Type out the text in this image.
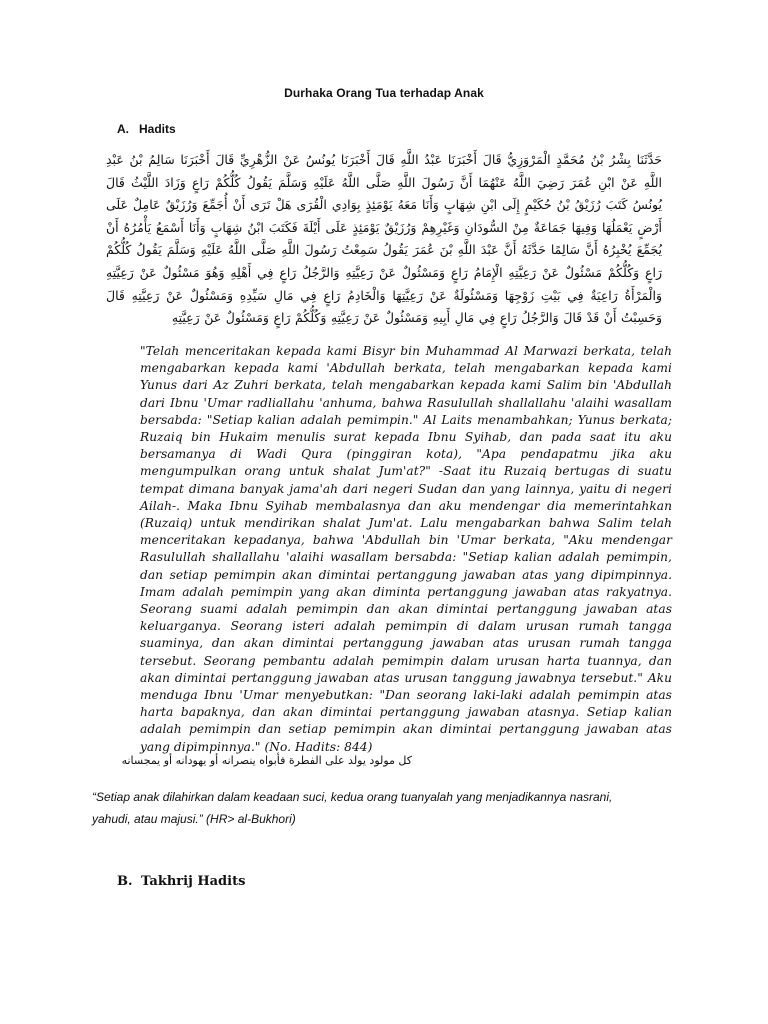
Durhaka Orang Tua terhadap Anak
A. Hadits
حَدَّثَنَا بِشْرُ بْنُ مُحَمَّدٍ الْمَرْوَزِيُّ قَالَ أَخْبَرَنَا عَبْدُ اللَّهِ قَالَ أَخْبَرَنَا يُونُسُ عَنْ الزُّهْرِيِّ قَالَ أَخْبَرَنَا سَالِمُ بْنُ عَبْدِ اللَّهِ عَنْ ابْنِ عُمَرَ رَضِيَ اللَّهُ عَنْهُمَا أَنَّ رَسُولَ اللَّهِ صَلَّى اللَّهُ عَلَيْهِ وَسَلَّمَ يَقُولُ كُلُّكُمْ رَاعٍ وَزَادَ اللَّيْثُ قَالَ يُونُسُ كَتَبَ رُزَيْقُ بْنُ حُكَيْمٍ إِلَى ابْنِ شِهَابٍ وَأَنَا مَعَهُ يَوْمَئِذٍ بِوَادِي الْقُرَى هَلْ تَرَى أَنْ أُجَمِّعَ وَرُزَيْقٌ عَامِلٌ عَلَى أَرْضٍ يَعْمَلُهَا وَفِيهَا جَمَاعَةٌ مِنْ السُّودَانِ وَغَيْرِهِمْ وَرُزَيْقٌ يَوْمَئِذٍ عَلَى أَيْلَةَ فَكَتَبَ ابْنُ شِهَابٍ وَأَنَا أَسْمَعُ يَأْمُرُهُ أَنْ يُجَمِّعَ يُخْبِرُهُ أَنَّ سَالِمًا حَدَّثَهُ أَنَّ عَبْدَ اللَّهِ بْنَ عُمَرَ يَقُولُ سَمِعْتُ رَسُولَ اللَّهِ صَلَّى اللَّهُ عَلَيْهِ وَسَلَّمَ يَقُولُ كُلُّكُمْ رَاعٍ وَكُلُّكُمْ مَسْئُولٌ عَنْ رَعِيَّتِهِ الْإِمَامُ رَاعٍ وَمَسْئُولٌ عَنْ رَعِيَّتِهِ وَالرَّجُلُ رَاعٍ فِي أَهْلِهِ وَهُوَ مَسْئُولٌ عَنْ رَعِيَّتِهِ وَالْمَرْأَةُ رَاعِيَةٌ فِي بَيْتِ زَوْجِهَا وَمَسْئُولَةٌ عَنْ رَعِيَّتِهَا وَالْخَادِمُ رَاعٍ فِي مَالِ سَيِّدِهِ وَمَسْئُولٌ عَنْ رَعِيَّتِهِ قَالَ وَحَسِبْتُ أَنْ قَدْ قَالَ وَالرَّجُلُ رَاعٍ فِي مَالِ أَبِيهِ وَمَسْئُولٌ عَنْ رَعِيَّتِهِ وَكُلُّكُمْ رَاعٍ وَمَسْئُولٌ عَنْ رَعِيَّتِهِ
"Telah menceritakan kepada kami Bisyr bin Muhammad Al Marwazi berkata, telah mengabarkan kepada kami 'Abdullah berkata, telah mengabarkan kepada kami Yunus dari Az Zuhri berkata, telah mengabarkan kepada kami Salim bin 'Abdullah dari Ibnu 'Umar radliallahu 'anhuma, bahwa Rasulullah shallallahu 'alaihi wasallam bersabda: "Setiap kalian adalah pemimpin." Al Laits menambahkan; Yunus berkata; Ruzaiq bin Hukaim menulis surat kepada Ibnu Syihab, dan pada saat itu aku bersamanya di Wadi Qura (pinggiran kota), "Apa pendapatmu jika aku mengumpulkan orang untuk shalat Jum'at?" -Saat itu Ruzaiq bertugas di suatu tempat dimana banyak jama'ah dari negeri Sudan dan yang lainnya, yaitu di negeri Ailah-. Maka Ibnu Syihab membalasnya dan aku mendengar dia memerintahkan (Ruzaiq) untuk mendirikan shalat Jum'at. Lalu mengabarkan bahwa Salim telah menceritakan kepadanya, bahwa 'Abdullah bin 'Umar berkata, "Aku mendengar Rasulullah shallallahu 'alaihi wasallam bersabda: "Setiap kalian adalah pemimpin, dan setiap pemimpin akan dimintai pertanggung jawaban atas yang dipimpinnya. Imam adalah pemimpin yang akan diminta pertanggung jawaban atas rakyatnya. Seorang suami adalah pemimpin dan akan dimintai pertanggung jawaban atas keluarganya. Seorang isteri adalah pemimpin di dalam urusan rumah tangga suaminya, dan akan dimintai pertanggung jawaban atas urusan rumah tangga tersebut. Seorang pembantu adalah pemimpin dalam urusan harta tuannya, dan akan dimintai pertanggung jawaban atas urusan tanggung jawabnya tersebut." Aku menduga Ibnu 'Umar menyebutkan: "Dan seorang laki-laki adalah pemimpin atas harta bapaknya, dan akan dimintai pertanggung jawaban atasnya. Setiap kalian adalah pemimpin dan setiap pemimpin akan dimintai pertanggung jawaban atas yang dipimpinnya." (No. Hadits: 844)
كل مولود يولد على الفطرة فأبواه ينصرانه أو يهودانه أو يمجسانه
“Setiap anak dilahirkan dalam keadaan suci, kedua orang tuanyalah yang menjadikannya nasrani,
yahudi, atau majusi.” (HR> al-Bukhori)
B. Takhrij Hadits
